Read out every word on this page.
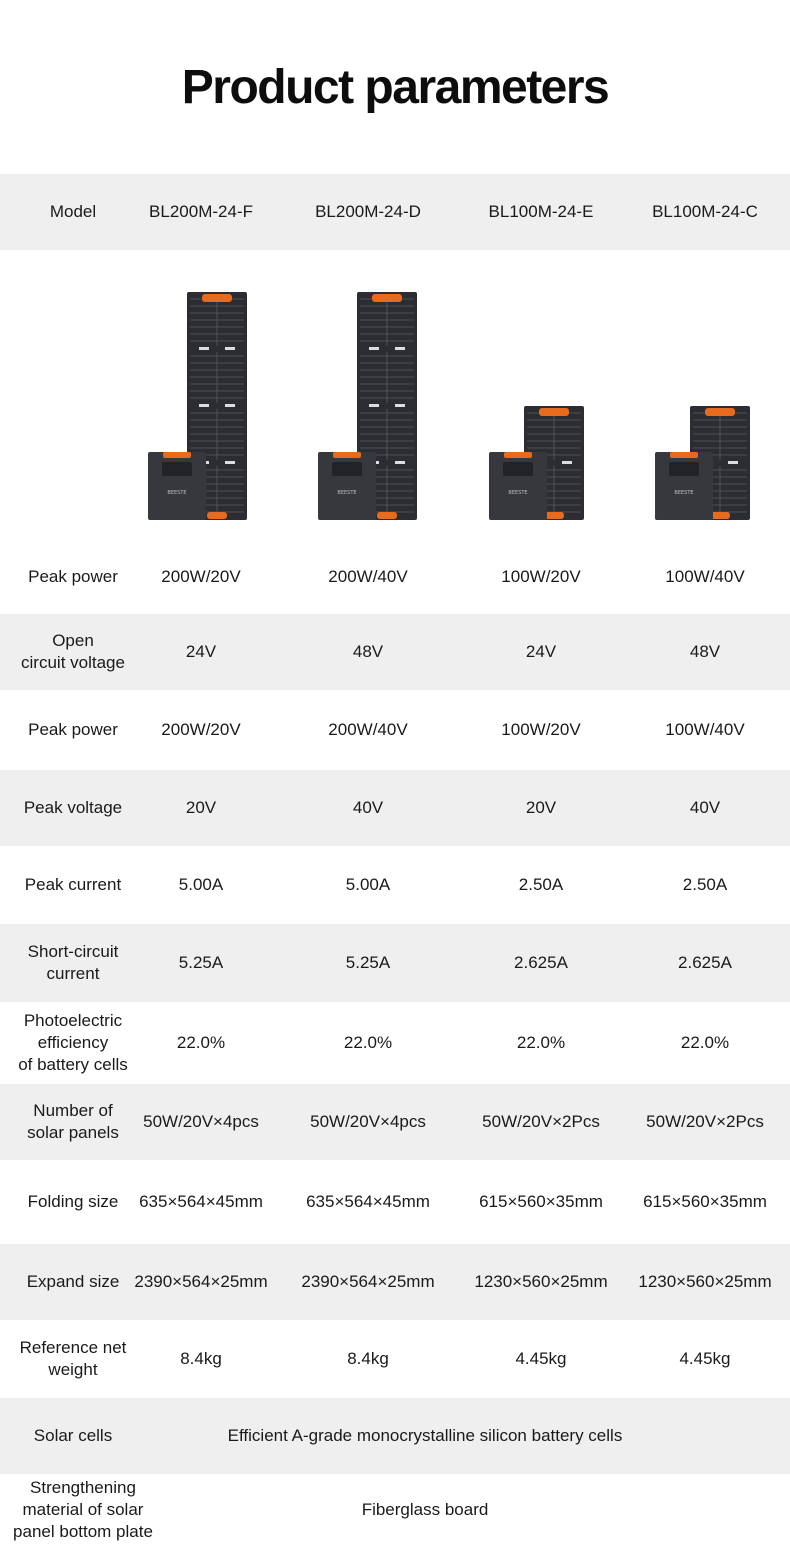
Product parameters
Model	BL200M-24-F	BL200M-24-D	BL100M-24-E	BL100M-24-C
BEESTE	BEESTE	BEESTE	BEESTE
Peak power	200W/20V	200W/40V	100W/20V	100W/40V
Open
circuit voltage
24V	48V	24V	48V
Peak power	200W/20V	200W/40V	100W/20V	100W/40V
Peak voltage	20V	40V	20V	40V
Peak current	5.00A	5.00A	2.50A	2.50A
Short-circuit
current
5.25A	5.25A	2.625A	2.625A
Photoelectric
efficiency
of battery cells
22.0%	22.0%	22.0%	22.0%
Number of
solar panels
50W/20V×4pcs	50W/20V×4pcs	50W/20V×2Pcs	50W/20V×2Pcs
Folding size	635×564×45mm	635×564×45mm	615×560×35mm	615×560×35mm
Expand size 2390×564×25mm	2390×564×25mm	1230×560×25mm	1230×560×25mm
Reference net
weight
8.4kg	8.4kg	4.45kg	4.45kg
Solar cells	Efficient A-grade monocrystalline silicon battery cells
Strengthening
material of solar
panel bottom plate
Fiberglass board
